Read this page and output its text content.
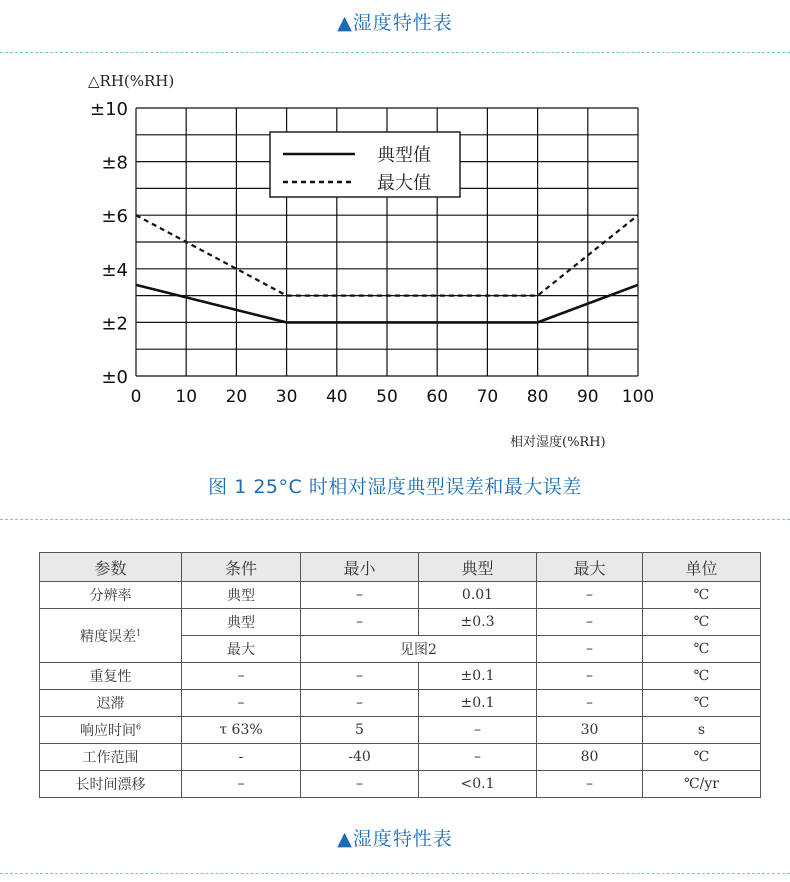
▲湿度特性表
±0
±2
±4
±6
±8
±10
0 10 20 30 40 50 60 70 80 90 100
△RH(%RH)
相对湿度(%RH)
典型值
最大值
图 1 25°C 时相对湿度典型误差和最大误差
参数	条件	最小	典型	最大	单位
分辨率	典型	–	0.01	–	℃
精度误差$^1$	典型	–	±0.3	–	℃
	最大	见图2		–	℃
重复性	–	–	±0.1	–	℃
迟滞	–	–	±0.1	–	℃
响应时间$^6$	τ 63%	5	–	30	s
工作范围	-	-40	–	80	℃
长时间漂移	–	–	<0.1	–	℃/yr
▲湿度特性表
